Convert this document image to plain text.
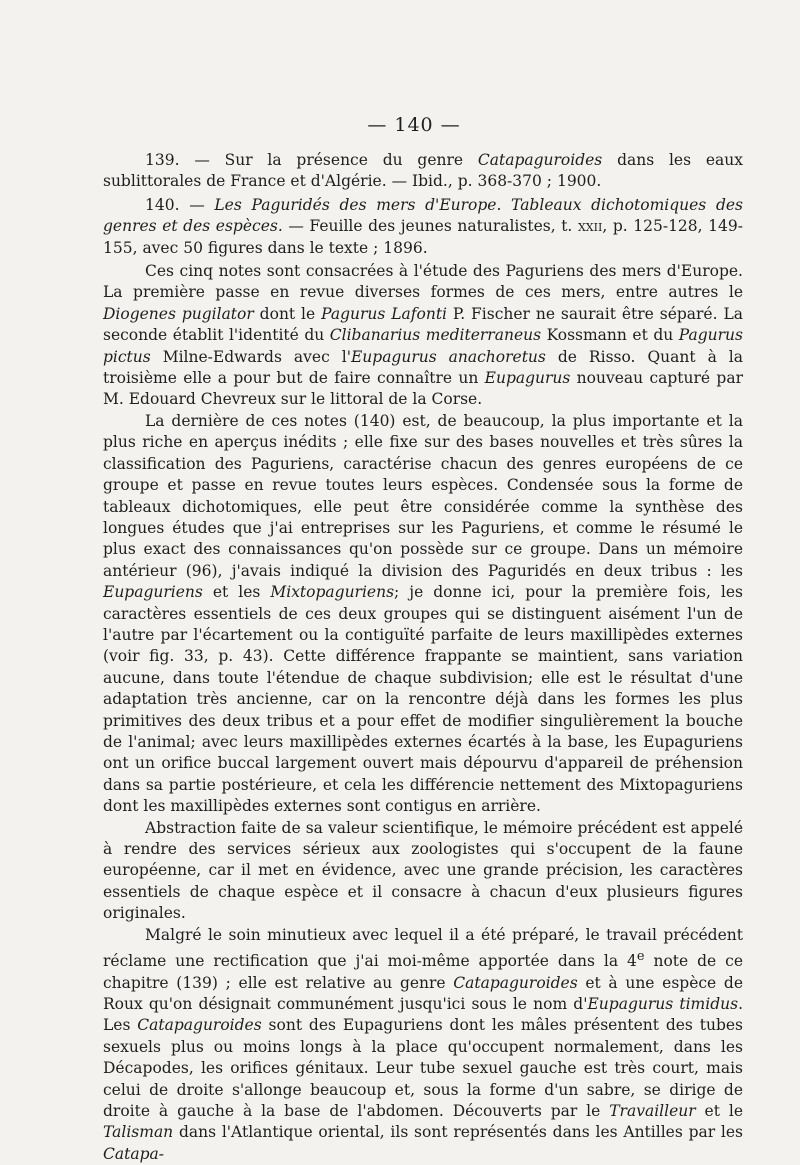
— 140 —

139. — Sur la présence du genre Catapaguroides dans les eaux sublittorales de France et d'Algérie. — Ibid., p. 368-370 ; 1900.

140. — Les Paguridés des mers d'Europe. Tableaux dichotomiques des genres et des espèces. — Feuille des jeunes naturalistes, t. xxii, p. 125-128, 149-155, avec 50 figures dans le texte ; 1896.

Ces cinq notes sont consacrées à l'étude des Paguriens des mers d'Europe. La première passe en revue diverses formes de ces mers, entre autres le Diogenes pugilator dont le Pagurus Lafonti P. Fischer ne saurait être séparé. La seconde établit l'identité du Clibanarius mediterraneus Kossmann et du Pagurus pictus Milne-Edwards avec l'Eupagurus anachoretus de Risso. Quant à la troisième elle a pour but de faire connaître un Eupagurus nouveau capturé par M. Edouard Chevreux sur le littoral de la Corse.

La dernière de ces notes (140) est, de beaucoup, la plus importante et la plus riche en aperçus inédits ; elle fixe sur des bases nouvelles et très sûres la classification des Paguriens, caractérise chacun des genres européens de ce groupe et passe en revue toutes leurs espèces. Condensée sous la forme de tableaux dichotomiques, elle peut être considérée comme la synthèse des longues études que j'ai entreprises sur les Paguriens, et comme le résumé le plus exact des connaissances qu'on possède sur ce groupe. Dans un mémoire antérieur (96), j'avais indiqué la division des Paguridés en deux tribus : les Eupaguriens et les Mixtopaguriens; je donne ici, pour la première fois, les caractères essentiels de ces deux groupes qui se distinguent aisément l'un de l'autre par l'écartement ou la contiguïté parfaite de leurs maxillipèdes externes (voir fig. 33, p. 43). Cette différence frappante se maintient, sans variation aucune, dans toute l'étendue de chaque subdivision; elle est le résultat d'une adaptation très ancienne, car on la rencontre déjà dans les formes les plus primitives des deux tribus et a pour effet de modifier singulièrement la bouche de l'animal; avec leurs maxillipèdes externes écartés à la base, les Eupaguriens ont un orifice buccal largement ouvert mais dépourvu d'appareil de préhension dans sa partie postérieure, et cela les différencie nettement des Mixtopaguriens dont les maxillipèdes externes sont contigus en arrière.

Abstraction faite de sa valeur scientifique, le mémoire précédent est appelé à rendre des services sérieux aux zoologistes qui s'occupent de la faune européenne, car il met en évidence, avec une grande précision, les caractères essentiels de chaque espèce et il consacre à chacun d'eux plusieurs figures originales.

Malgré le soin minutieux avec lequel il a été préparé, le travail précédent réclame une rectification que j'ai moi-même apportée dans la 4e note de ce chapitre (139) ; elle est relative au genre Catapaguroides et à une espèce de Roux qu'on désignait communément jusqu'ici sous le nom d'Eupagurus timidus. Les Catapaguroides sont des Eupaguriens dont les mâles présentent des tubes sexuels plus ou moins longs à la place qu'occupent normalement, dans les Décapodes, les orifices génitaux. Leur tube sexuel gauche est très court, mais celui de droite s'allonge beaucoup et, sous la forme d'un sabre, se dirige de droite à gauche à la base de l'abdomen. Découverts par le Travailleur et le Talisman dans l'Atlantique oriental, ils sont représentés dans les Antilles par les Catapa-
